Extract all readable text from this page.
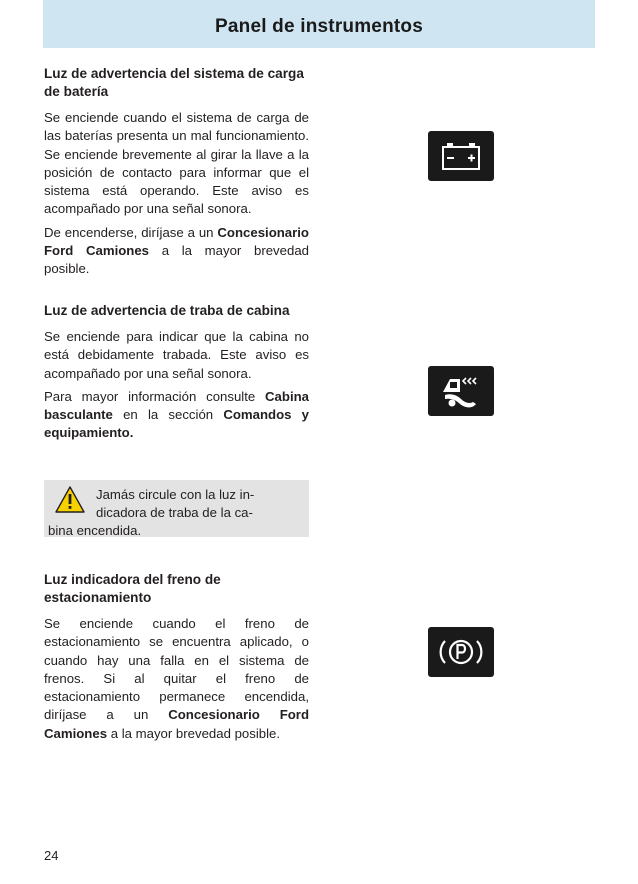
Panel de instrumentos
Luz de advertencia del sistema de carga de batería

Se enciende cuando el sistema de carga de las baterías presenta un mal funcionamiento. Se enciende brevemente al girar la llave a la posición de contacto para informar que el sistema está operando. Este aviso es acompañado por una señal sonora.

De encenderse, diríjase a un Concesionario Ford Camiones a la mayor brevedad posible.

Luz de advertencia de traba de cabina

Se enciende para indicar que la cabina no está debidamente trabada. Este aviso es acompañado por una señal sonora.

Para mayor información consulte Cabina basculante en la sección Comandos y equipamiento.

Jamás circule con la luz in-
dicadora de traba de la ca-
bina encendida.
Luz indicadora del freno de estacionamiento

Se enciende cuando el freno de estacionamiento se encuentra aplicado, o cuando hay una falla en el sistema de frenos. Si al quitar el freno de estacionamiento permanece encendida, diríjase a un Concesionario Ford Camiones a la mayor brevedad posible.

24
